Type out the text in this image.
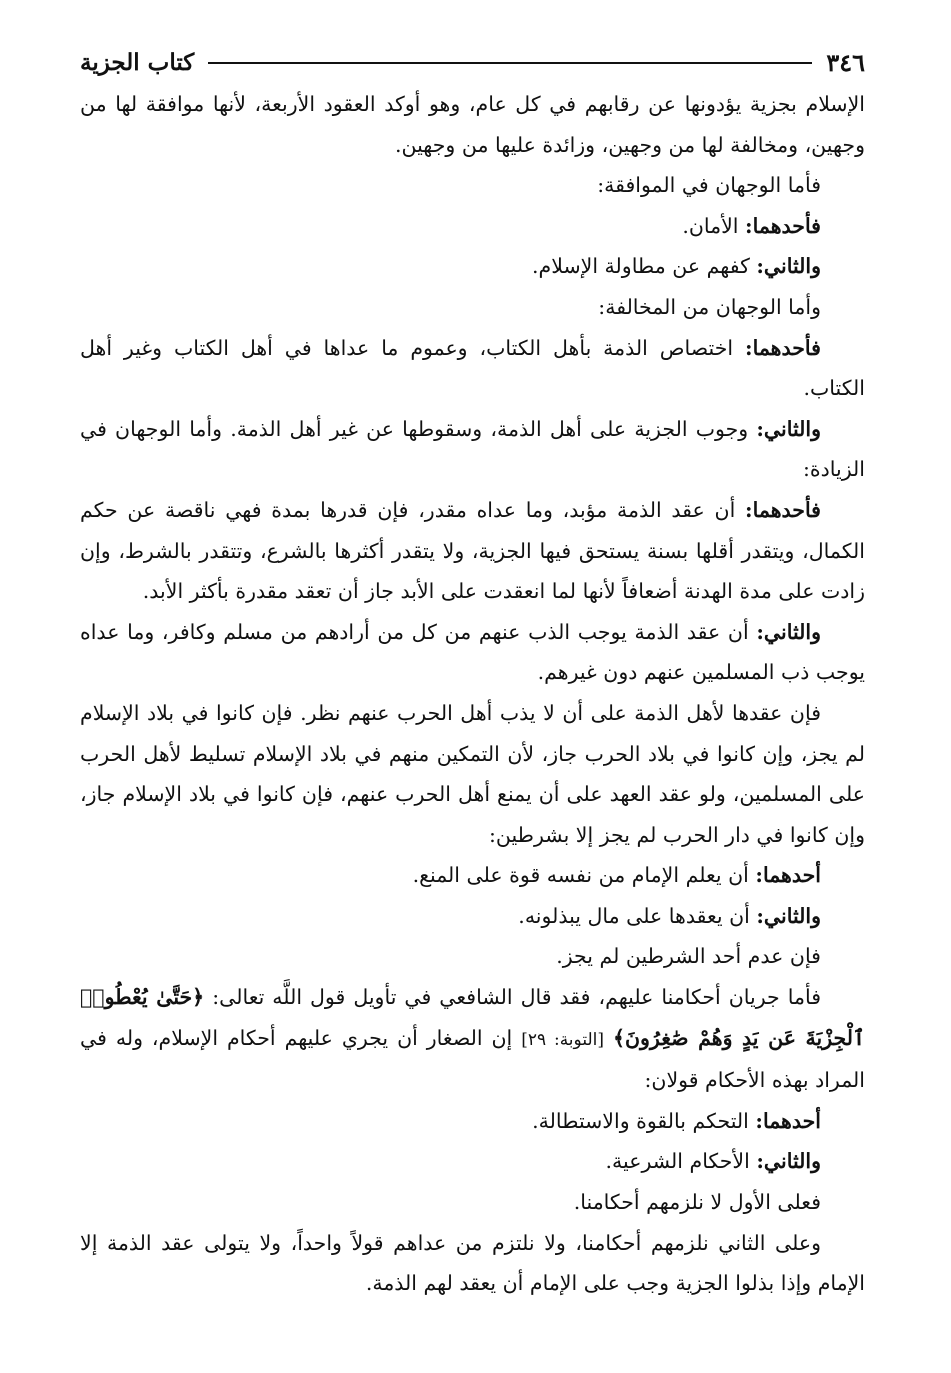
٣٤٦
كتاب الجزية

الإسلام بجزية يؤدونها عن رقابهم في كل عام، وهو أوكد العقود الأربعة، لأنها موافقة لها من وجهين، ومخالفة لها من وجهين، وزائدة عليها من وجهين.

فأما الوجهان في الموافقة:

فأحدهما: الأمان.

والثاني: كفهم عن مطاولة الإسلام.

وأما الوجهان من المخالفة:

فأحدهما: اختصاص الذمة بأهل الكتاب، وعموم ما عداها في أهل الكتاب وغير أهل الكتاب.

والثاني: وجوب الجزية على أهل الذمة، وسقوطها عن غير أهل الذمة. وأما الوجهان في الزيادة:

فأحدهما: أن عقد الذمة مؤبد، وما عداه مقدر، فإن قدرها بمدة فهي ناقصة عن حكم الكمال، ويتقدر أقلها بسنة يستحق فيها الجزية، ولا يتقدر أكثرها بالشرع، وتتقدر بالشرط، وإن زادت على مدة الهدنة أضعافاً لأنها لما انعقدت على الأبد جاز أن تعقد مقدرة بأكثر الأبد.

والثاني: أن عقد الذمة يوجب الذب عنهم من كل من أرادهم من مسلم وكافر، وما عداه يوجب ذب المسلمين عنهم دون غيرهم.

فإن عقدها لأهل الذمة على أن لا يذب أهل الحرب عنهم نظر. فإن كانوا في بلاد الإسلام لم يجز، وإن كانوا في بلاد الحرب جاز، لأن التمكين منهم في بلاد الإسلام تسليط لأهل الحرب على المسلمين، ولو عقد العهد على أن يمنع أهل الحرب عنهم، فإن كانوا في بلاد الإسلام جاز، وإن كانوا في دار الحرب لم يجز إلا بشرطين:

أحدهما: أن يعلم الإمام من نفسه قوة على المنع.

والثاني: أن يعقدها على مال يبذلونه.

فإن عدم أحد الشرطين لم يجز.

فأما جريان أحكامنا عليهم، فقد قال الشافعي في تأويل قول اللَّه تعالى: ﴿حَتَّىٰ يُعْطُوا۟ ٱلْجِزْيَةَ عَن يَدٍ وَهُمْ صَٰغِرُونَ﴾ [التوبة: ٢٩] إن الصغار أن يجري عليهم أحكام الإسلام، وله في المراد بهذه الأحكام قولان:

أحدهما: التحكم بالقوة والاستطالة.

والثاني: الأحكام الشرعية.

فعلى الأول لا نلزمهم أحكامنا.

وعلى الثاني نلزمهم أحكامنا، ولا نلتزم من عداهم قولاً واحداً، ولا يتولى عقد الذمة إلا الإمام وإذا بذلوا الجزية وجب على الإمام أن يعقد لهم الذمة.
